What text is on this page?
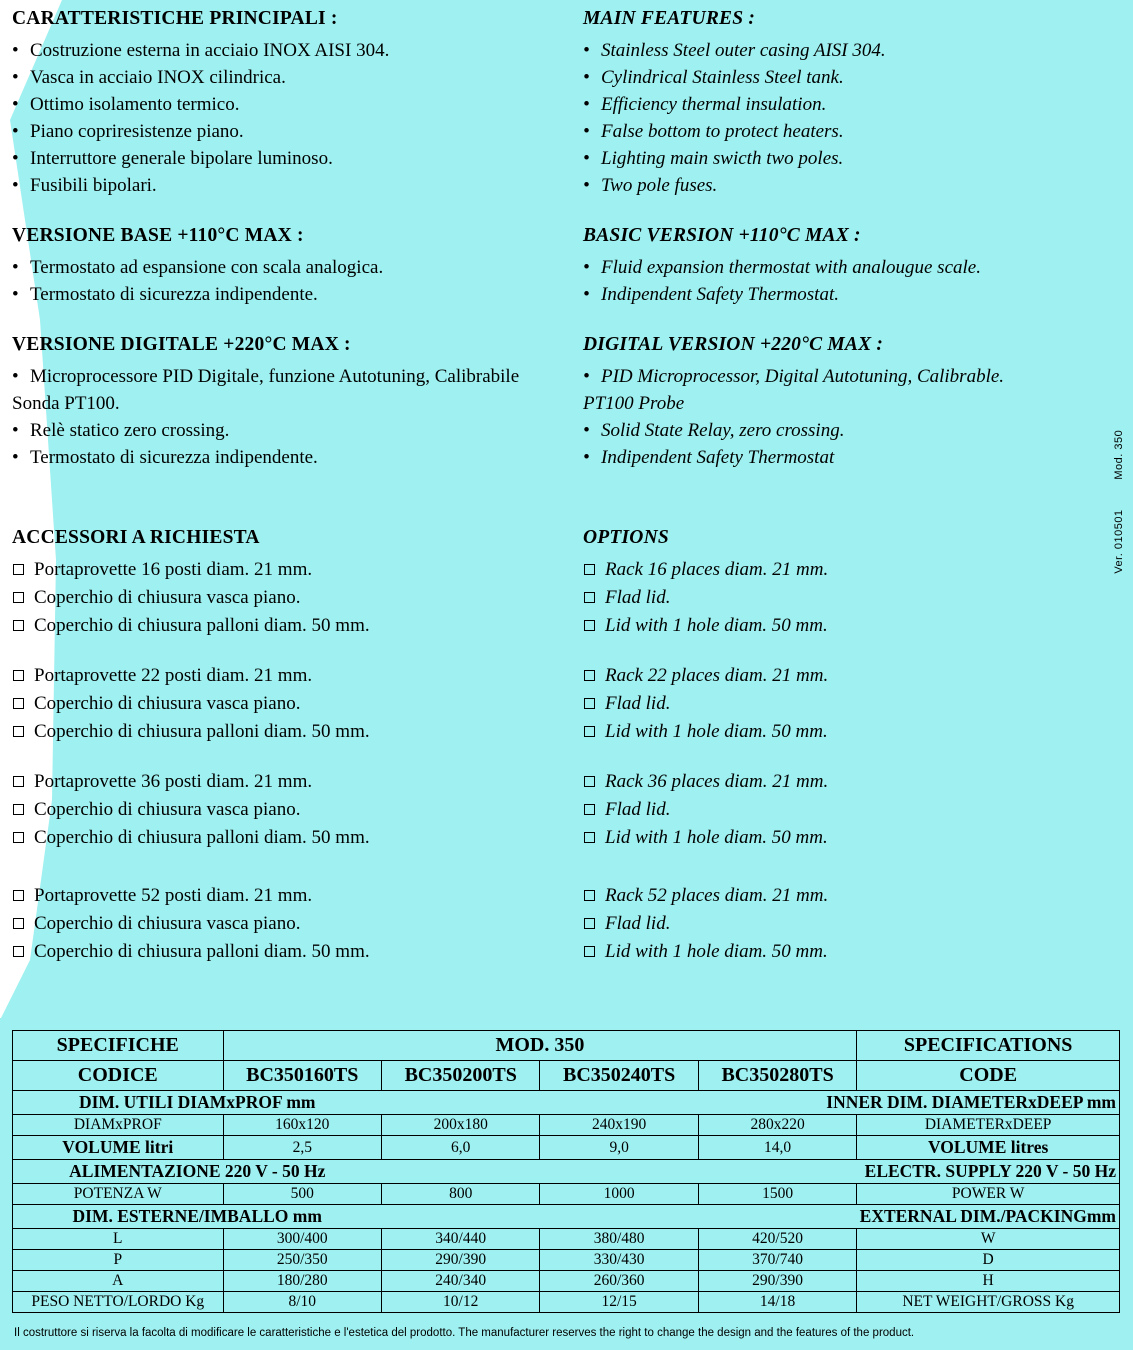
CARATTERISTICHE PRINCIPALI :
• Costruzione esterna in acciaio INOX AISI 304.
• Vasca in acciaio INOX cilindrica.
• Ottimo isolamento termico.
• Piano copriresistenze piano.
• Interruttore generale bipolare luminoso.
• Fusibili bipolari.
VERSIONE BASE +110°C MAX :
• Termostato ad espansione con scala analogica.
• Termostato di sicurezza indipendente.
VERSIONE DIGITALE +220°C MAX :
• Microprocessore PID Digitale, funzione Autotuning, Calibrabile
Sonda PT100.
• Relè statico zero crossing.
• Termostato di sicurezza indipendente.
ACCESSORI A RICHIESTA
Portaprovette 16 posti diam. 21 mm.
Coperchio di chiusura vasca piano.
Coperchio di chiusura palloni diam. 50 mm.
Portaprovette 22 posti diam. 21 mm.
Coperchio di chiusura vasca piano.
Coperchio di chiusura palloni diam. 50 mm.
Portaprovette 36 posti diam. 21 mm.
Coperchio di chiusura vasca piano.
Coperchio di chiusura palloni diam. 50 mm.
Portaprovette 52 posti diam. 21 mm.
Coperchio di chiusura vasca piano.
Coperchio di chiusura palloni diam. 50 mm.
MAIN FEATURES :
• Stainless Steel outer casing AISI 304.
• Cylindrical Stainless Steel tank.
• Efficiency thermal insulation.
• False bottom to protect heaters.
• Lighting main swicth two poles.
• Two pole fuses.
BASIC VERSION +110°C MAX :
• Fluid expansion thermostat with analougue scale.
• Indipendent Safety Thermostat.
DIGITAL VERSION +220°C MAX :
• PID Microprocessor, Digital Autotuning, Calibrable.
PT100 Probe
• Solid State Relay, zero crossing.
• Indipendent Safety Thermostat
OPTIONS
Rack 16 places diam. 21 mm.
Flad lid.
Lid with 1 hole diam. 50 mm.
Rack 22 places diam. 21 mm.
Flad lid.
Lid with 1 hole diam. 50 mm.
Rack 36 places diam. 21 mm.
Flad lid.
Lid with 1 hole diam. 50 mm.
Rack 52 places diam. 21 mm.
Flad lid.
Lid with 1 hole diam. 50 mm.
Ver. 010501 Mod. 350
SPECIFICHE	MOD. 350				SPECIFICATIONS
CODICE	BC350160TS	BC350200TS	BC350240TS	BC350280TS	CODE
DIM. UTILI DIAMxPROF mm				INNER DIM. DIAMETERxDEEP mm	
DIAMxPROF	160x120	200x180	240x190	280x220	DIAMETERxDEEP
VOLUME litri	2,5	6,0	9,0	14,0	VOLUME litres
ALIMENTAZIONE 220 V - 50 Hz				ELECTR. SUPPLY 220 V - 50 Hz	
POTENZA W	500	800	1000	1500	POWER W
DIM. ESTERNE/IMBALLO mm				EXTERNAL DIM./PACKINGmm	
L	300/400	340/440	380/480	420/520	W
P	250/350	290/390	330/430	370/740	D
A	180/280	240/340	260/360	290/390	H
PESO NETTO/LORDO Kg	8/10	10/12	12/15	14/18	NET WEIGHT/GROSS Kg
Il costruttore si riserva la facolta di modificare le caratteristiche e l'estetica del prodotto. The manufacturer reserves the right to change the design and the features of the product.
